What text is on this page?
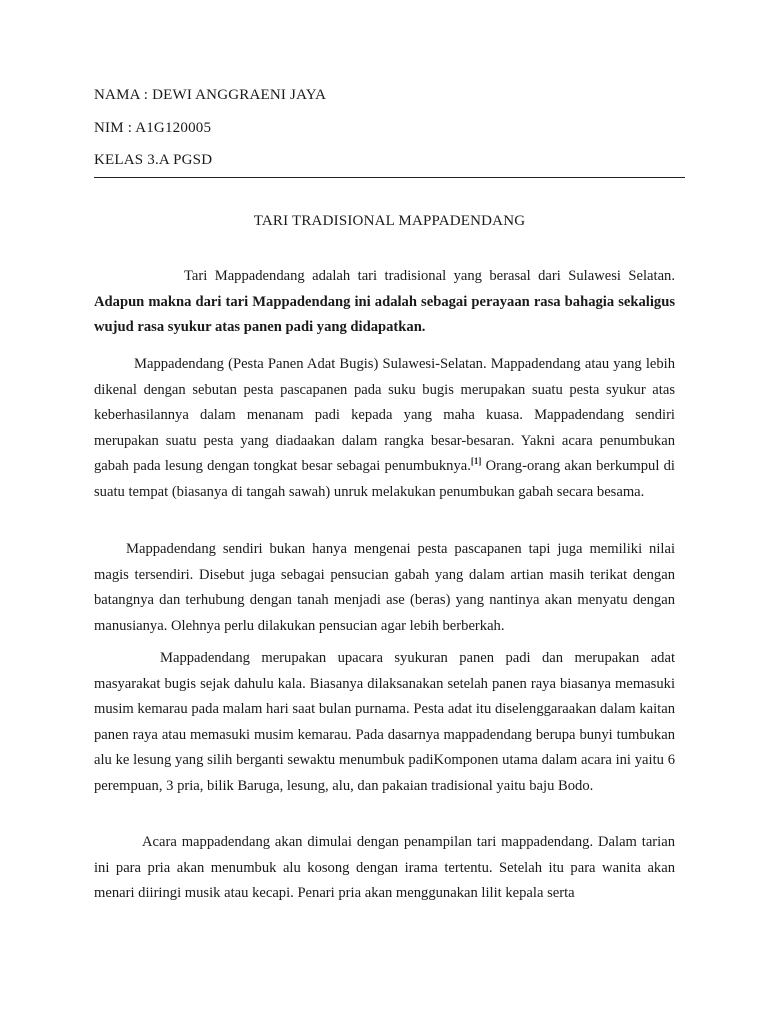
NAMA : DEWI ANGGRAENI JAYA
NIM : A1G120005
KELAS 3.A PGSD
TARI TRADISIONAL MAPPADENDANG

Tari Mappadendang adalah tari tradisional yang berasal dari Sulawesi Selatan. Adapun makna dari tari Mappadendang ini adalah sebagai perayaan rasa bahagia sekaligus wujud rasa syukur atas panen padi yang didapatkan.

Mappadendang (Pesta Panen Adat Bugis) Sulawesi-Selatan. Mappadendang atau yang lebih dikenal dengan sebutan pesta pascapanen pada suku bugis merupakan suatu pesta syukur atas keberhasilannya dalam menanam padi kepada yang maha kuasa. Mappadendang sendiri merupakan suatu pesta yang diadaakan dalam rangka besar-besaran. Yakni acara penumbukan gabah pada lesung dengan tongkat besar sebagai penumbuknya.[1] Orang-orang akan berkumpul di suatu tempat (biasanya di tangah sawah) unruk melakukan penumbukan gabah secara besama.

Mappadendang sendiri bukan hanya mengenai pesta pascapanen tapi juga memiliki nilai magis tersendiri. Disebut juga sebagai pensucian gabah yang dalam artian masih terikat dengan batangnya dan terhubung dengan tanah menjadi ase (beras) yang nantinya akan menyatu dengan manusianya. Olehnya perlu dilakukan pensucian agar lebih berberkah.

Mappadendang merupakan upacara syukuran panen padi dan merupakan adat masyarakat bugis sejak dahulu kala. Biasanya dilaksanakan setelah panen raya biasanya memasuki musim kemarau pada malam hari saat bulan purnama. Pesta adat itu diselenggaraakan dalam kaitan panen raya atau memasuki musim kemarau. Pada dasarnya mappadendang berupa bunyi tumbukan alu ke lesung yang silih berganti sewaktu menumbuk padiKomponen utama dalam acara ini yaitu 6 perempuan, 3 pria, bilik Baruga, lesung, alu, dan pakaian tradisional yaitu baju Bodo.

Acara mappadendang akan dimulai dengan penampilan tari mappadendang. Dalam tarian ini para pria akan menumbuk alu kosong dengan irama tertentu. Setelah itu para wanita akan menari diiringi musik atau kecapi. Penari pria akan menggunakan lilit kepala serta
